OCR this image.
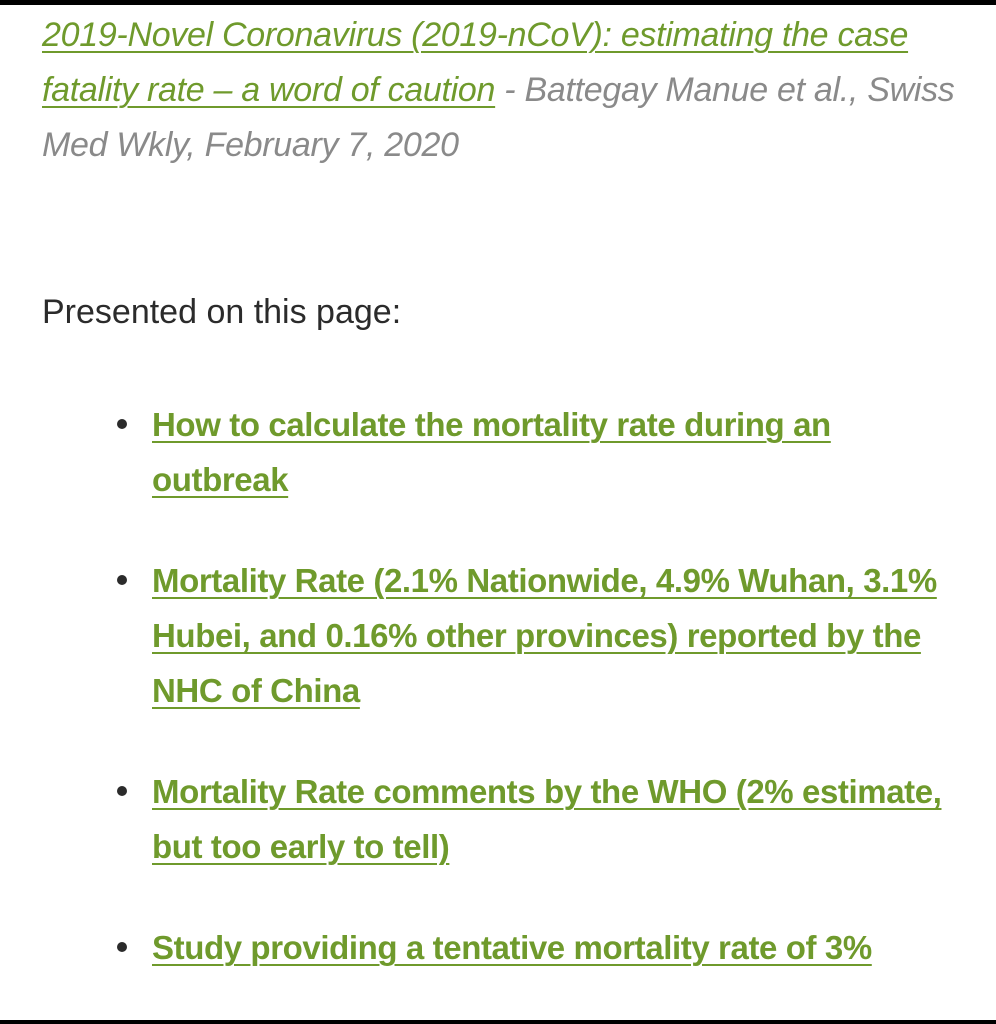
2019-Novel Coronavirus (2019-nCoV): estimating the case fatality rate – a word of caution - Battegay Manue et al., Swiss Med Wkly, February 7, 2020
Presented on this page:
How to calculate the mortality rate during an outbreak
Mortality Rate (2.1% Nationwide, 4.9% Wuhan, 3.1% Hubei, and 0.16% other provinces) reported by the NHC of China
Mortality Rate comments by the WHO (2% estimate, but too early to tell)
Study providing a tentative mortality rate of 3%
